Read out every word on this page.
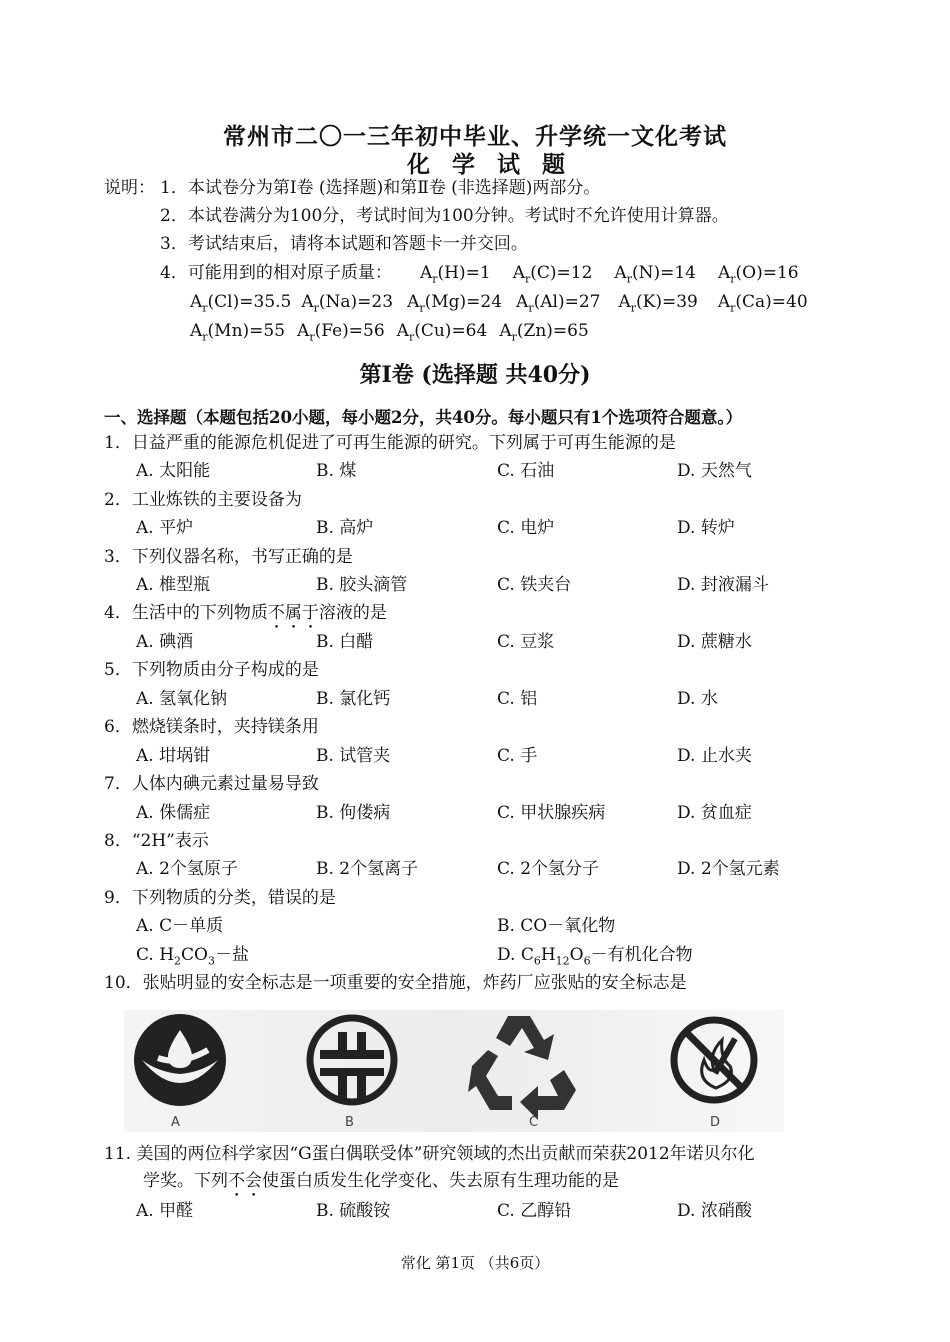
常州市二〇一三年初中毕业、升学统一文化考试
化学试题
说明： 1．本试卷分为第Ⅰ卷 (选择题)和第Ⅱ卷 (非选择题)两部分。
2．本试卷满分为100分，考试时间为100分钟。考试时不允许使用计算器。
3．考试结束后，请将本试题和答题卡一并交回。
4．可能用到的相对原子质量： $A_r(H)=1$ $A_r(C)=12$ $A_r(N)=14$ $A_r(O)=16$
$A_r(Cl)=35.5$ $A_r(Na)=23$ $A_r(Mg)=24$ $A_r(Al)=27$ $A_r(K)=39$ $A_r(Ca)=40$
$A_r(Mn)=55$ $A_r(Fe)=56$ $A_r(Cu)=64$ $A_r(Zn)=65$
第Ⅰ卷 (选择题 共40分)
一、选择题（本题包括20小题，每小题2分，共40分。每小题只有1个选项符合题意。）
1．日益严重的能源危机促进了可再生能源的研究。下列属于可再生能源的是
A. 太阳能	B. 煤	C. 石油	D. 天然气
2．工业炼铁的主要设备为
A. 平炉	B. 高炉	C. 电炉	D. 转炉
3．下列仪器名称，书写正确的是
A. 椎型瓶	B. 胶头滴管	C. 铁夹台	D. 封液漏斗
4．生活中的下列物质不属于溶液的是
A. 碘酒	B. 白醋	C. 豆浆	D. 蔗糖水
5．下列物质由分子构成的是
A. 氢氧化钠	B. 氯化钙	C. 铝	D. 水
6．燃烧镁条时，夹持镁条用
A. 坩埚钳	B. 试管夹	C. 手	D. 止水夹
7．人体内碘元素过量易导致
A. 侏儒症	B. 佝偻病	C. 甲状腺疾病	D. 贫血症
8．“2H”表示
A. 2个氢原子	B. 2个氢离子	C. 2个氢分子	D. 2个氢元素
9．下列物质的分类，错误的是
A. C－单质	B. CO－氧化物
C. $H_2CO_3-$盐	D. $C_6H_{12}O_6-$有机化合物
10．张贴明显的安全标志是一项重要的安全措施，炸药厂应张贴的安全标志是
A	B	C	D
11. 美国的两位科学家因“G蛋白偶联受体”研究领域的杰出贡献而荣获2012年诺贝尔化
学奖。下列不会使蛋白质发生化学变化、失去原有生理功能的是
A. 甲醛	B. 硫酸铵	C. 乙醇铅	D. 浓硝酸
常化 第1页 （共6页）
